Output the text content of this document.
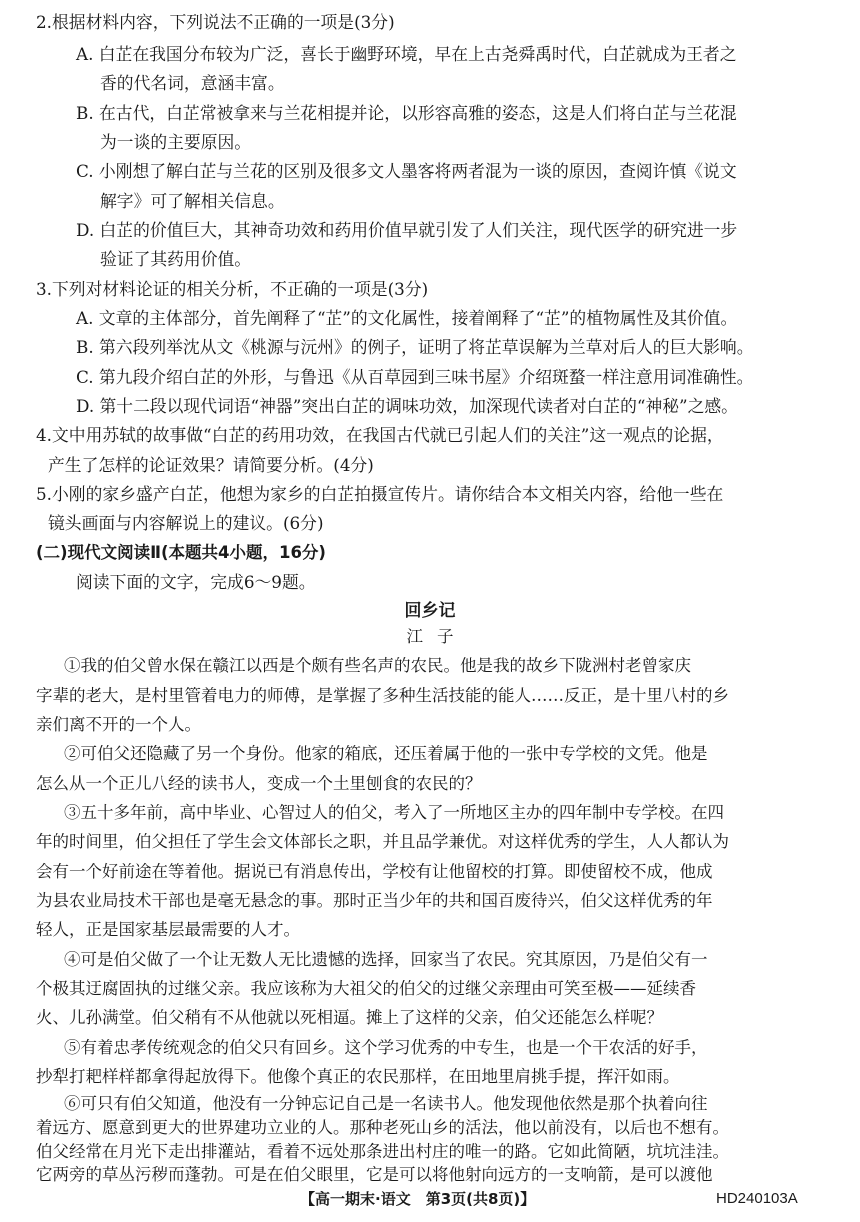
2.根据材料内容，下列说法不正确的一项是(3分)
A. 白芷在我国分布较为广泛，喜长于幽野环境，早在上古尧舜禹时代，白芷就成为王者之
香的代名词，意涵丰富。
B. 在古代，白芷常被拿来与兰花相提并论，以形容高雅的姿态，这是人们将白芷与兰花混
为一谈的主要原因。
C. 小刚想了解白芷与兰花的区别及很多文人墨客将两者混为一谈的原因，查阅许慎《说文
解字》可了解相关信息。
D. 白芷的价值巨大，其神奇功效和药用价值早就引发了人们关注，现代医学的研究进一步
验证了其药用价值。
3.下列对材料论证的相关分析，不正确的一项是(3分)
A. 文章的主体部分，首先阐释了“芷”的文化属性，接着阐释了“芷”的植物属性及其价值。
B. 第六段列举沈从文《桃源与沅州》的例子，证明了将芷草误解为兰草对后人的巨大影响。
C. 第九段介绍白芷的外形，与鲁迅《从百草园到三味书屋》介绍斑蝥一样注意用词准确性。
D. 第十二段以现代词语“神器”突出白芷的调味功效，加深现代读者对白芷的“神秘”之感。
4.文中用苏轼的故事做“白芷的药用功效，在我国古代就已引起人们的关注”这一观点的论据，
产生了怎样的论证效果？请简要分析。(4分)
5.小刚的家乡盛产白芷，他想为家乡的白芷拍摄宣传片。请你结合本文相关内容，给他一些在
镜头画面与内容解说上的建议。(6分)
(二)现代文阅读Ⅱ(本题共4小题，16分)
阅读下面的文字，完成6～9题。
回乡记
江子
①我的伯父曾水保在赣江以西是个颇有些名声的农民。他是我的故乡下陇洲村老曾家庆
字辈的老大，是村里管着电力的师傅，是掌握了多种生活技能的能人……反正，是十里八村的乡
亲们离不开的一个人。
②可伯父还隐藏了另一个身份。他家的箱底，还压着属于他的一张中专学校的文凭。他是
怎么从一个正儿八经的读书人，变成一个土里刨食的农民的？
③五十多年前，高中毕业、心智过人的伯父，考入了一所地区主办的四年制中专学校。在四
年的时间里，伯父担任了学生会文体部长之职，并且品学兼优。对这样优秀的学生，人人都认为
会有一个好前途在等着他。据说已有消息传出，学校有让他留校的打算。即使留校不成，他成
为县农业局技术干部也是毫无悬念的事。那时正当少年的共和国百废待兴，伯父这样优秀的年
轻人，正是国家基层最需要的人才。
④可是伯父做了一个让无数人无比遗憾的选择，回家当了农民。究其原因，乃是伯父有一
个极其迂腐固执的过继父亲。我应该称为大祖父的伯父的过继父亲理由可笑至极——延续香
火、儿孙满堂。伯父稍有不从他就以死相逼。摊上了这样的父亲，伯父还能怎么样呢？
⑤有着忠孝传统观念的伯父只有回乡。这个学习优秀的中专生，也是一个干农活的好手，
抄犁打耙样样都拿得起放得下。他像个真正的农民那样，在田地里肩挑手提，挥汗如雨。
⑥可只有伯父知道，他没有一分钟忘记自己是一名读书人。他发现他依然是那个执着向往
着远方、愿意到更大的世界建功立业的人。那种老死山乡的活法，他以前没有，以后也不想有。
伯父经常在月光下走出排灌站，看着不远处那条进出村庄的唯一的路。它如此简陋，坑坑洼洼。
它两旁的草丛污秽而蓬勃。可是在伯父眼里，它是可以将他射向远方的一支响箭，是可以渡他
【高一期末·语文　第3页(共8页)】	HD240103A
